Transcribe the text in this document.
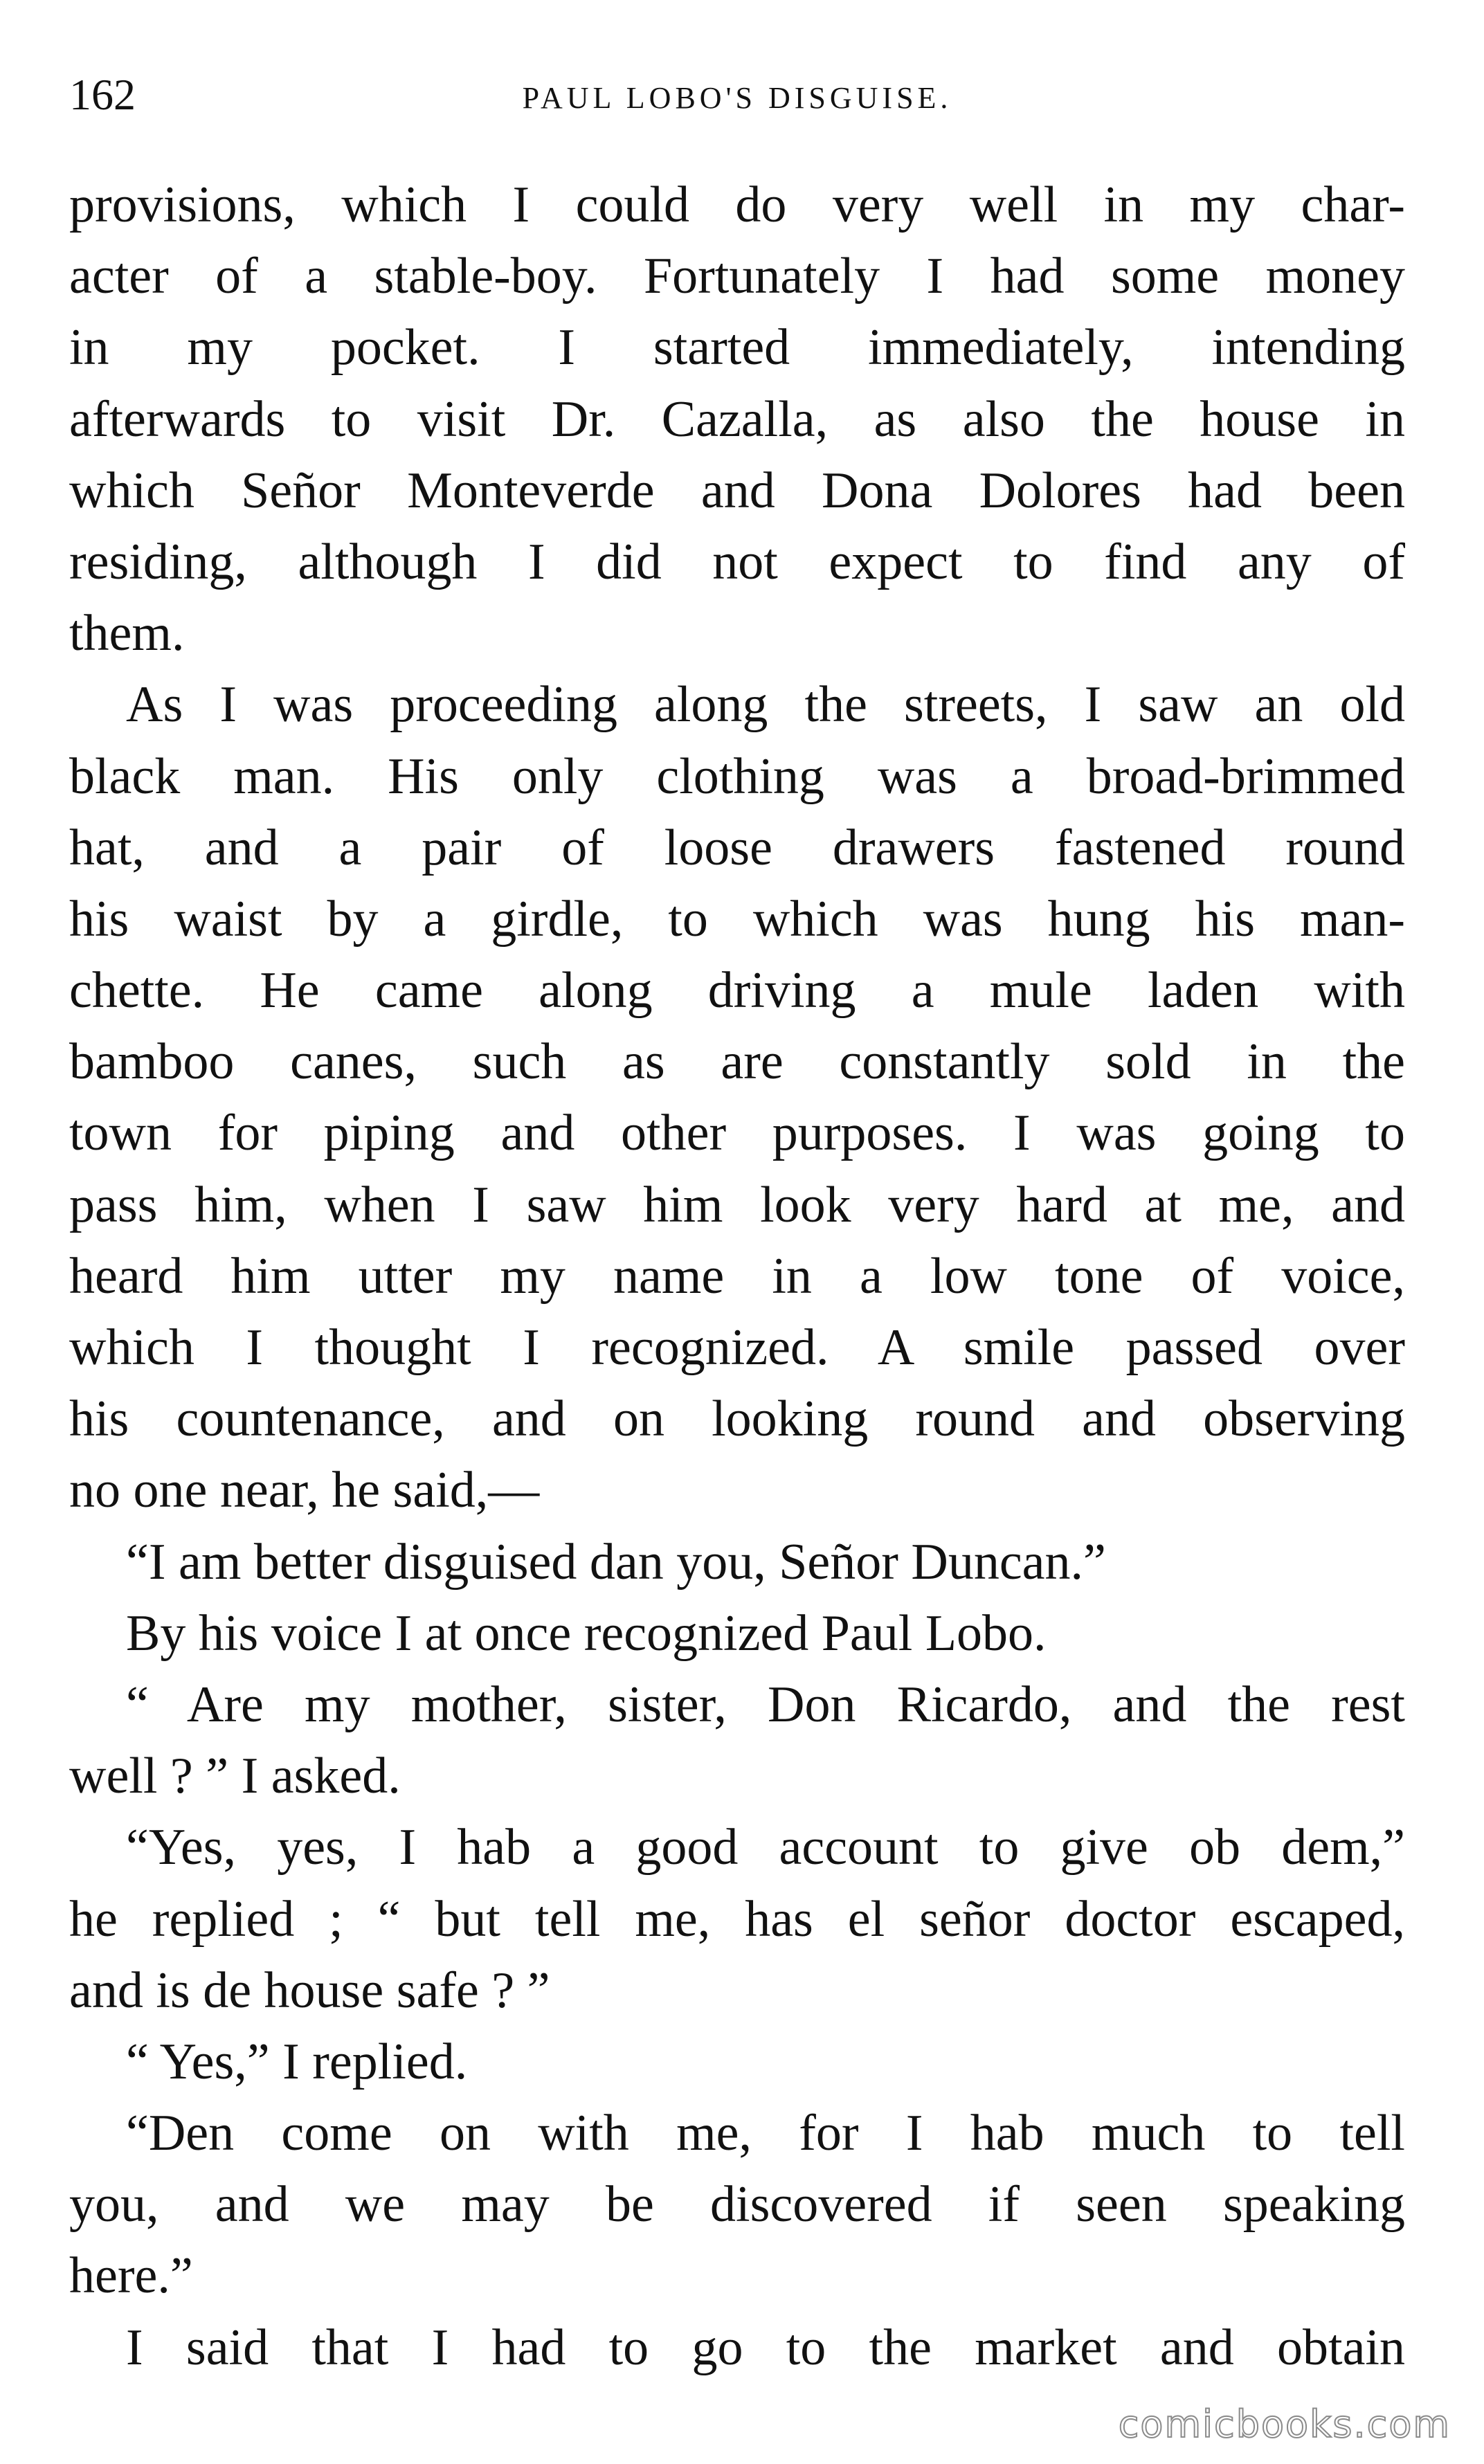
162	PAUL LOBO'S DISGUISE.
provisions, which I could do very well in my char-
acter of a stable-boy. Fortunately I had some money
in my pocket. I started immediately, intending
afterwards to visit Dr. Cazalla, as also the house in
which Señor Monteverde and Dona Dolores had been
residing, although I did not expect to find any of
them.
As I was proceeding along the streets, I saw an old
black man. His only clothing was a broad-brimmed
hat, and a pair of loose drawers fastened round
his waist by a girdle, to which was hung his man-
chette. He came along driving a mule laden with
bamboo canes, such as are constantly sold in the
town for piping and other purposes. I was going to
pass him, when I saw him look very hard at me, and
heard him utter my name in a low tone of voice,
which I thought I recognized. A smile passed over
his countenance, and on looking round and observing
no one near, he said,—
“I am better disguised dan you, Señor Duncan.”
By his voice I at once recognized Paul Lobo.
“ Are my mother, sister, Don Ricardo, and the rest
well ? ” I asked.
“Yes, yes, I hab a good account to give ob dem,”
he replied ; “ but tell me, has el señor doctor escaped,
and is de house safe ? ”
“ Yes,” I replied.
“Den come on with me, for I hab much to tell
you, and we may be discovered if seen speaking
here.”
I said that I had to go to the market and obtain
comicbooks.com
